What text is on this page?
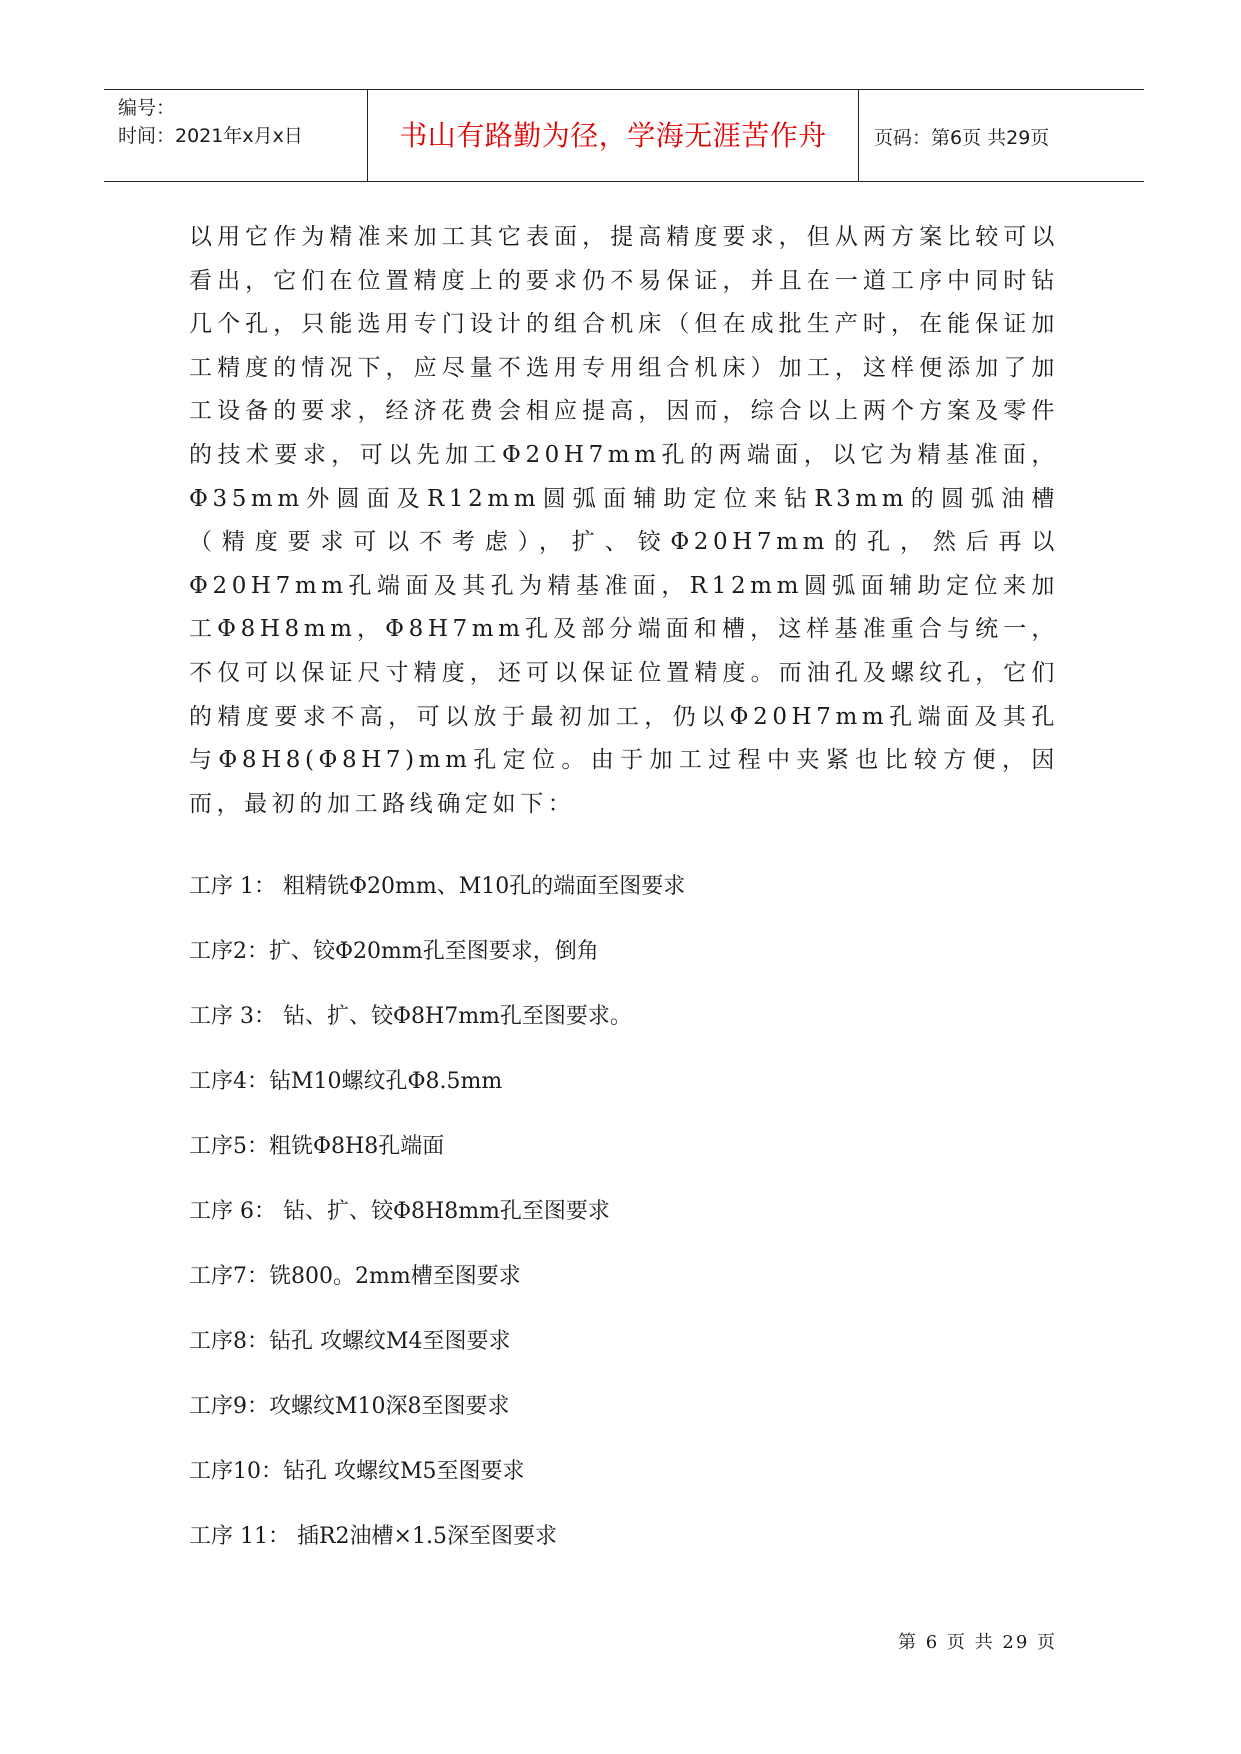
编号：
时间：2021年x月x日	书山有路勤为径，学海无涯苦作舟	页码：第6页 共29页

以用它作为精准来加工其它表面，提高精度要求，但从两方案比较可以看出，它们在位置精度上的要求仍不易保证，并且在一道工序中同时钻几个孔，只能选用专门设计的组合机床（但在成批生产时，在能保证加工精度的情况下，应尽量不选用专用组合机床）加工，这样便添加了加工设备的要求，经济花费会相应提高，因而，综合以上两个方案及零件的技术要求，可以先加工Φ20H7mm孔的两端面，以它为精基准面，Φ35mm外圆面及R12mm圆弧面辅助定位来钻R3mm的圆弧油槽（精度要求可以不考虑），扩、铰Φ20H7mm的孔，然后再以Φ20H7mm孔端面及其孔为精基准面，R12mm圆弧面辅助定位来加工Φ8H8mm，Φ8H7mm孔及部分端面和槽，这样基准重合与统一，不仅可以保证尺寸精度，还可以保证位置精度。而油孔及螺纹孔，它们的精度要求不高，可以放于最初加工，仍以Φ20H7mm孔端面及其孔与Φ8H8(Φ8H7)mm孔定位。由于加工过程中夹紧也比较方便，因而，最初的加工路线确定如下：

工序 1： 粗精铣Φ20mm、M10孔的端面至图要求
工序2：扩、铰Φ20mm孔至图要求，倒角
工序 3： 钻、扩、铰Φ8H7mm孔至图要求。
工序4：钻M10螺纹孔Φ8.5mm
工序5：粗铣Φ8H8孔端面
工序 6： 钻、扩、铰Φ8H8mm孔至图要求
工序7：铣800。2mm槽至图要求
工序8：钻孔 攻螺纹M4至图要求
工序9：攻螺纹M10深8至图要求
工序10：钻孔 攻螺纹M5至图要求
工序 11： 插R2油槽×1.5深至图要求
第 6 页 共 29 页
